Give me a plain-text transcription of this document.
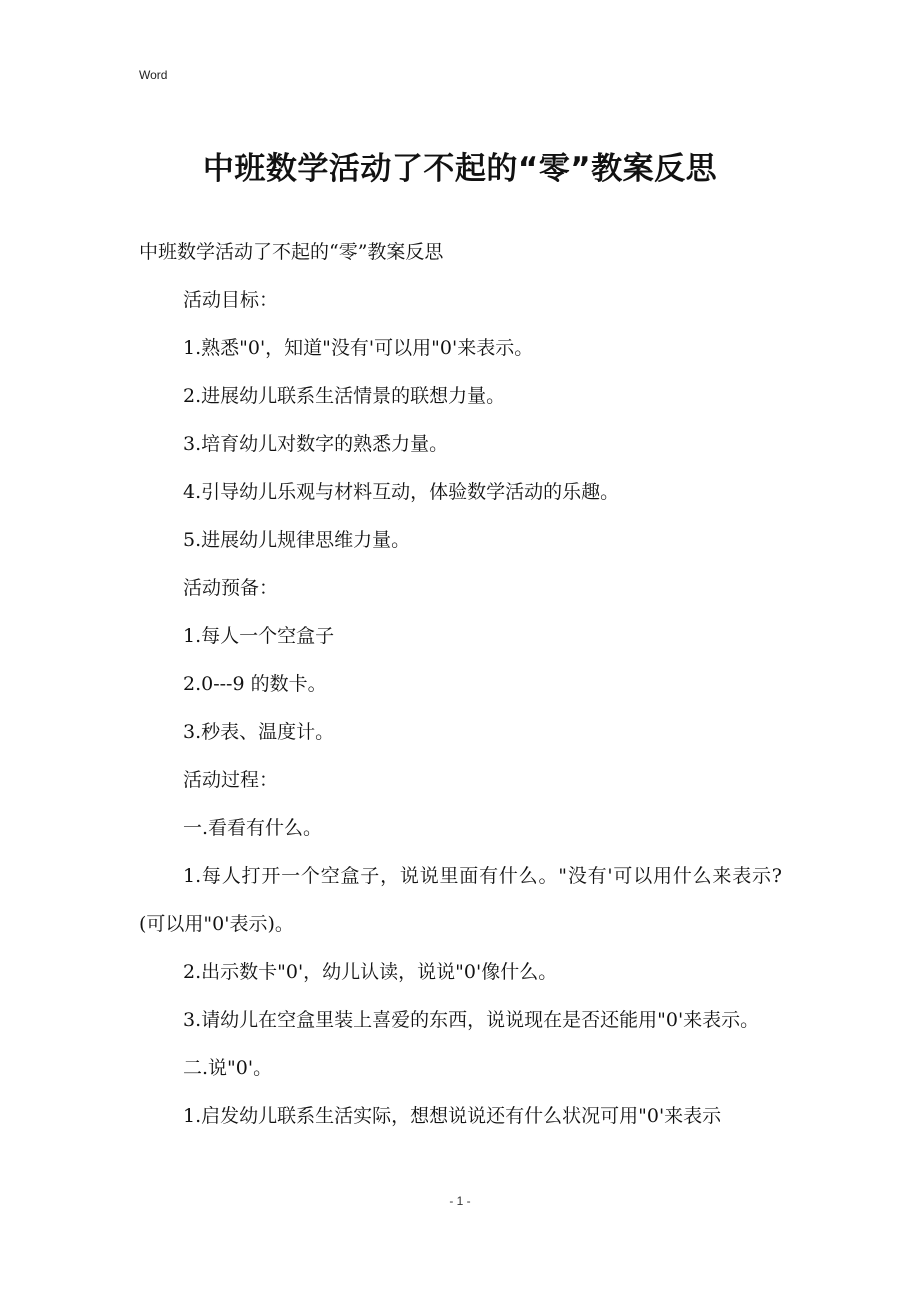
Word
中班数学活动了不起的“零”教案反思

中班数学活动了不起的“零”教案反思

活动目标：

1.熟悉"0'，知道"没有'可以用"0'来表示。

2.进展幼儿联系生活情景的联想力量。

3.培育幼儿对数字的熟悉力量。

4.引导幼儿乐观与材料互动，体验数学活动的乐趣。

5.进展幼儿规律思维力量。

活动预备：

1.每人一个空盒子

2.0---9 的数卡。

3.秒表、温度计。

活动过程：

一.看看有什么。

1.每人打开一个空盒子，说说里面有什么。"没有'可以用什么来表示?(可以用"0'表示)。

2.出示数卡"0'，幼儿认读，说说"0'像什么。

3.请幼儿在空盒里装上喜爱的东西，说说现在是否还能用"0'来表示。

二.说"0'。

1.启发幼儿联系生活实际，想想说说还有什么状况可用"0'来表示

- 1 -
